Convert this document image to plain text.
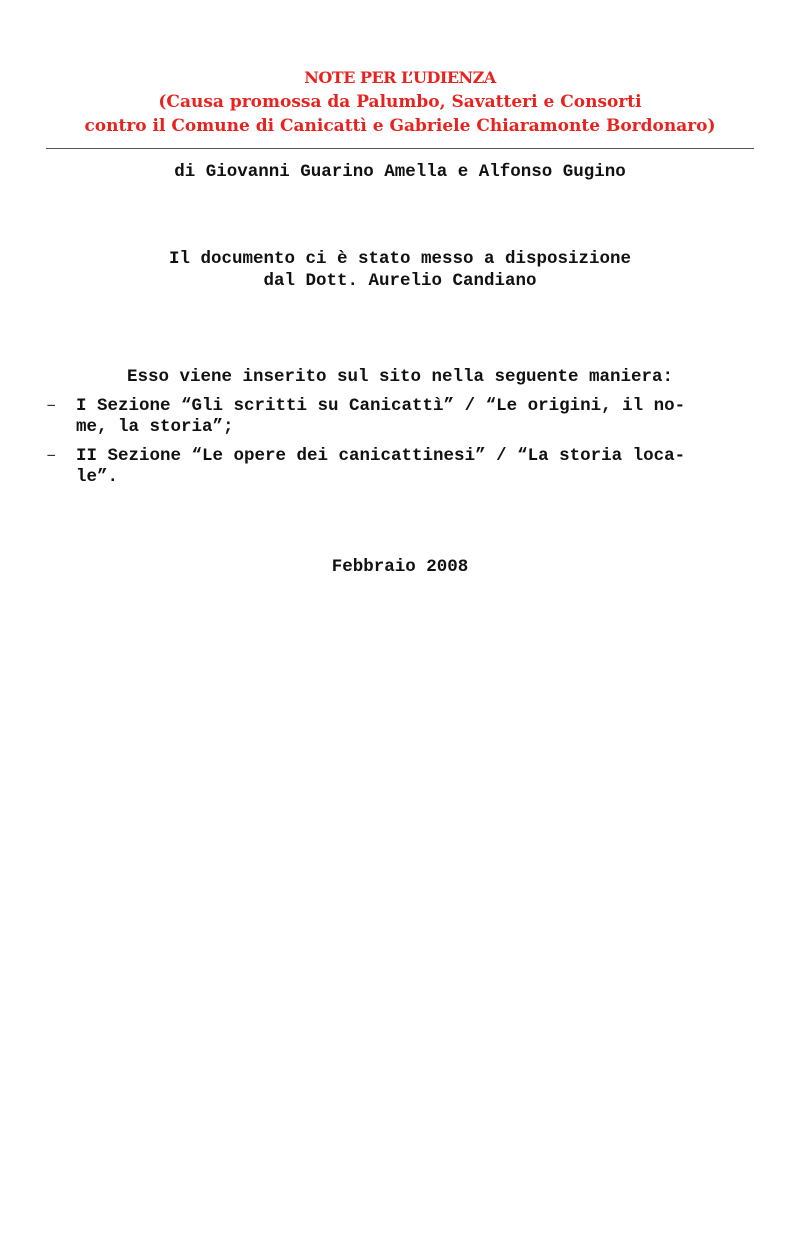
NOTE PER L’UDIENZA
(Causa promossa da Palumbo, Savatteri e Consorti
contro il Comune di Canicattì e Gabriele Chiaramonte Bordonaro)
di Giovanni Guarino Amella e Alfonso Gugino
Il documento ci è stato messo a disposizione
dal Dott. Aurelio Candiano
Esso viene inserito sul sito nella seguente maniera:
– I Sezione “Gli scritti su Canicattì” / “Le origini, il no-
me, la storia”;
– II Sezione “Le opere dei canicattinesi” / “La storia loca-
le”.
Febbraio 2008
